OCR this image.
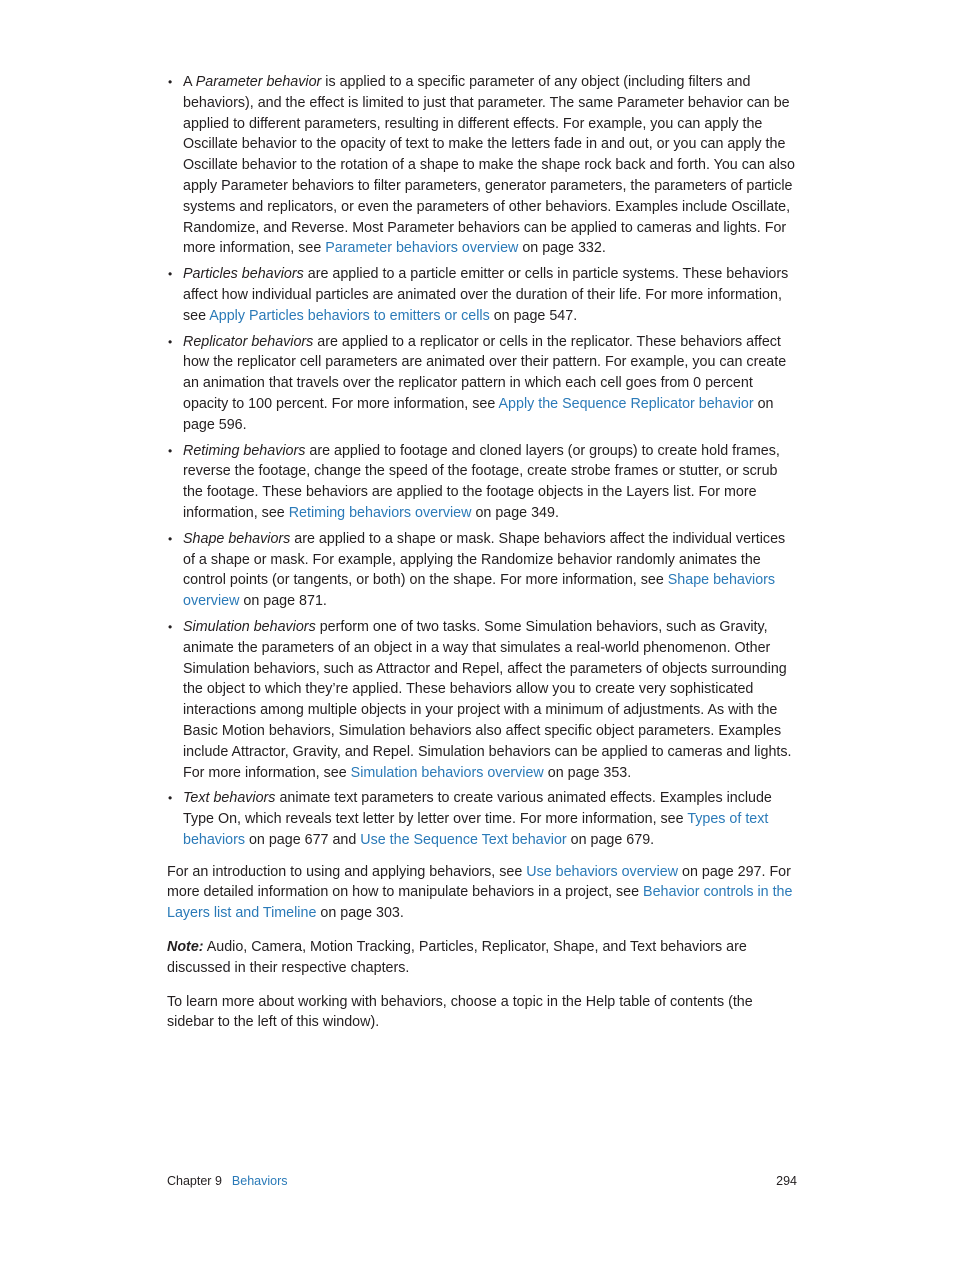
• A Parameter behavior is applied to a specific parameter of any object (including filters and behaviors), and the effect is limited to just that parameter. The same Parameter behavior can be applied to different parameters, resulting in different effects. For example, you can apply the Oscillate behavior to the opacity of text to make the letters fade in and out, or you can apply the Oscillate behavior to the rotation of a shape to make the shape rock back and forth. You can also apply Parameter behaviors to filter parameters, generator parameters, the parameters of particle systems and replicators, or even the parameters of other behaviors. Examples include Oscillate, Randomize, and Reverse. Most Parameter behaviors can be applied to cameras and lights. For more information, see Parameter behaviors overview on page 332.
• Particles behaviors are applied to a particle emitter or cells in particle systems. These behaviors affect how individual particles are animated over the duration of their life. For more information, see Apply Particles behaviors to emitters or cells on page 547.
• Replicator behaviors are applied to a replicator or cells in the replicator. These behaviors affect how the replicator cell parameters are animated over their pattern. For example, you can create an animation that travels over the replicator pattern in which each cell goes from 0 percent opacity to 100 percent. For more information, see Apply the Sequence Replicator behavior on page 596.
• Retiming behaviors are applied to footage and cloned layers (or groups) to create hold frames, reverse the footage, change the speed of the footage, create strobe frames or stutter, or scrub the footage. These behaviors are applied to the footage objects in the Layers list. For more information, see Retiming behaviors overview on page 349.
• Shape behaviors are applied to a shape or mask. Shape behaviors affect the individual vertices of a shape or mask. For example, applying the Randomize behavior randomly animates the control points (or tangents, or both) on the shape. For more information, see Shape behaviors overview on page 871.
• Simulation behaviors perform one of two tasks. Some Simulation behaviors, such as Gravity, animate the parameters of an object in a way that simulates a real-world phenomenon. Other Simulation behaviors, such as Attractor and Repel, affect the parameters of objects surrounding the object to which they’re applied. These behaviors allow you to create very sophisticated interactions among multiple objects in your project with a minimum of adjustments. As with the Basic Motion behaviors, Simulation behaviors also affect specific object parameters. Examples include Attractor, Gravity, and Repel. Simulation behaviors can be applied to cameras and lights. For more information, see Simulation behaviors overview on page 353.
• Text behaviors animate text parameters to create various animated effects. Examples include Type On, which reveals text letter by letter over time. For more information, see Types of text behaviors on page 677 and Use the Sequence Text behavior on page 679.

For an introduction to using and applying behaviors, see Use behaviors overview on page 297. For more detailed information on how to manipulate behaviors in a project, see Behavior controls in the Layers list and Timeline on page 303.

Note: Audio, Camera, Motion Tracking, Particles, Replicator, Shape, and Text behaviors are discussed in their respective chapters.

To learn more about working with behaviors, choose a topic in the Help table of contents (the sidebar to the left of this window).

Chapter 9 Behaviors	294
